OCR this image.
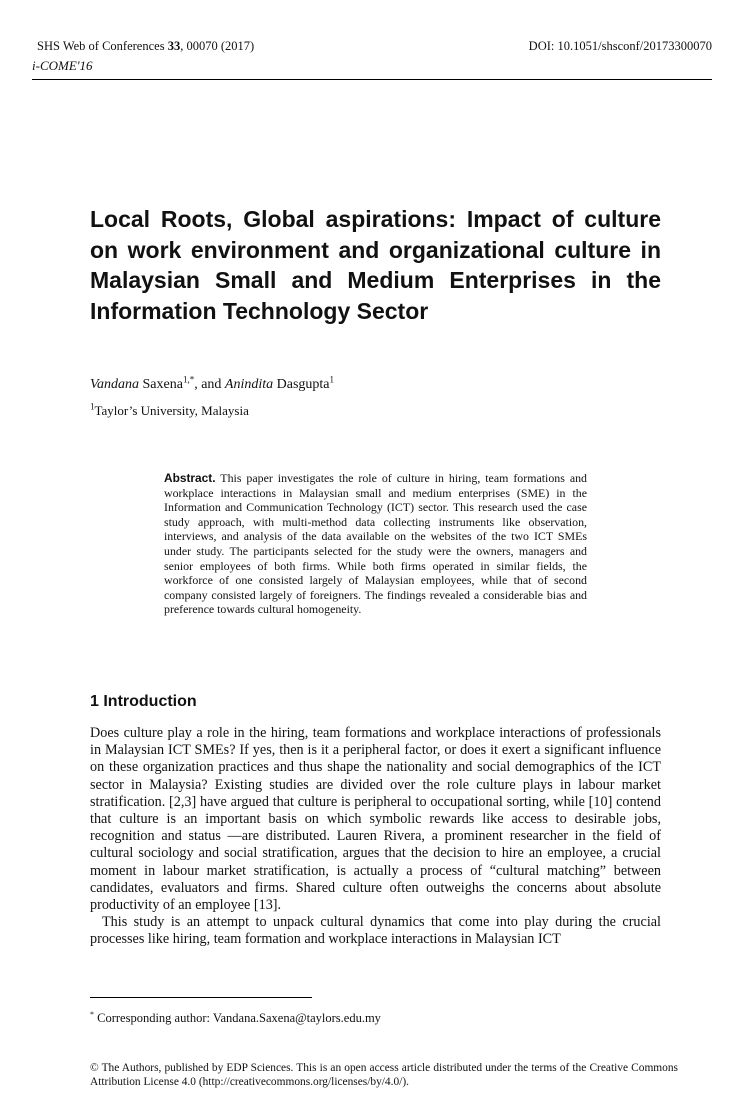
SHS Web of Conferences 33, 00070 (2017)	DOI: 10.1051/shsconf/20173300070
i-COME'16
Local Roots, Global aspirations: Impact of culture on work environment and organizational culture in Malaysian Small and Medium Enterprises in the Information Technology Sector
Vandana Saxena$^{1,*}$, and Anindita Dasgupta$^1$
$^1$Taylor’s University, Malaysia

Abstract. This paper investigates the role of culture in hiring, team formations and workplace interactions in Malaysian small and medium enterprises (SME) in the Information and Communication Technology (ICT) sector. This research used the case study approach, with multi-method data collecting instruments like observation, interviews, and analysis of the data available on the websites of the two ICT SMEs under study. The participants selected for the study were the owners, managers and senior employees of both firms. While both firms operated in similar fields, the workforce of one consisted largely of Malaysian employees, while that of second company consisted largely of foreigners. The findings revealed a considerable bias and preference towards cultural homogeneity.

1 Introduction

Does culture play a role in the hiring, team formations and workplace interactions of professionals in Malaysian ICT SMEs? If yes, then is it a peripheral factor, or does it exert a significant influence on these organization practices and thus shape the nationality and social demographics of the ICT sector in Malaysia? Existing studies are divided over the role culture plays in labour market stratification. [2,3] have argued that culture is peripheral to occupational sorting, while [10] contend that culture is an important basis on which symbolic rewards like access to desirable jobs, recognition and status —are distributed. Lauren Rivera, a prominent researcher in the field of cultural sociology and social stratification, argues that the decision to hire an employee, a crucial moment in labour market stratification, is actually a process of “cultural matching” between candidates, evaluators and firms. Shared culture often outweighs the concerns about absolute productivity of an employee [13].

This study is an attempt to unpack cultural dynamics that come into play during the crucial processes like hiring, team formation and workplace interactions in Malaysian ICT

* Corresponding author: Vandana.Saxena@taylors.edu.my

© The Authors, published by EDP Sciences. This is an open access article distributed under the terms of the Creative Commons Attribution License 4.0 (http://creativecommons.org/licenses/by/4.0/).
